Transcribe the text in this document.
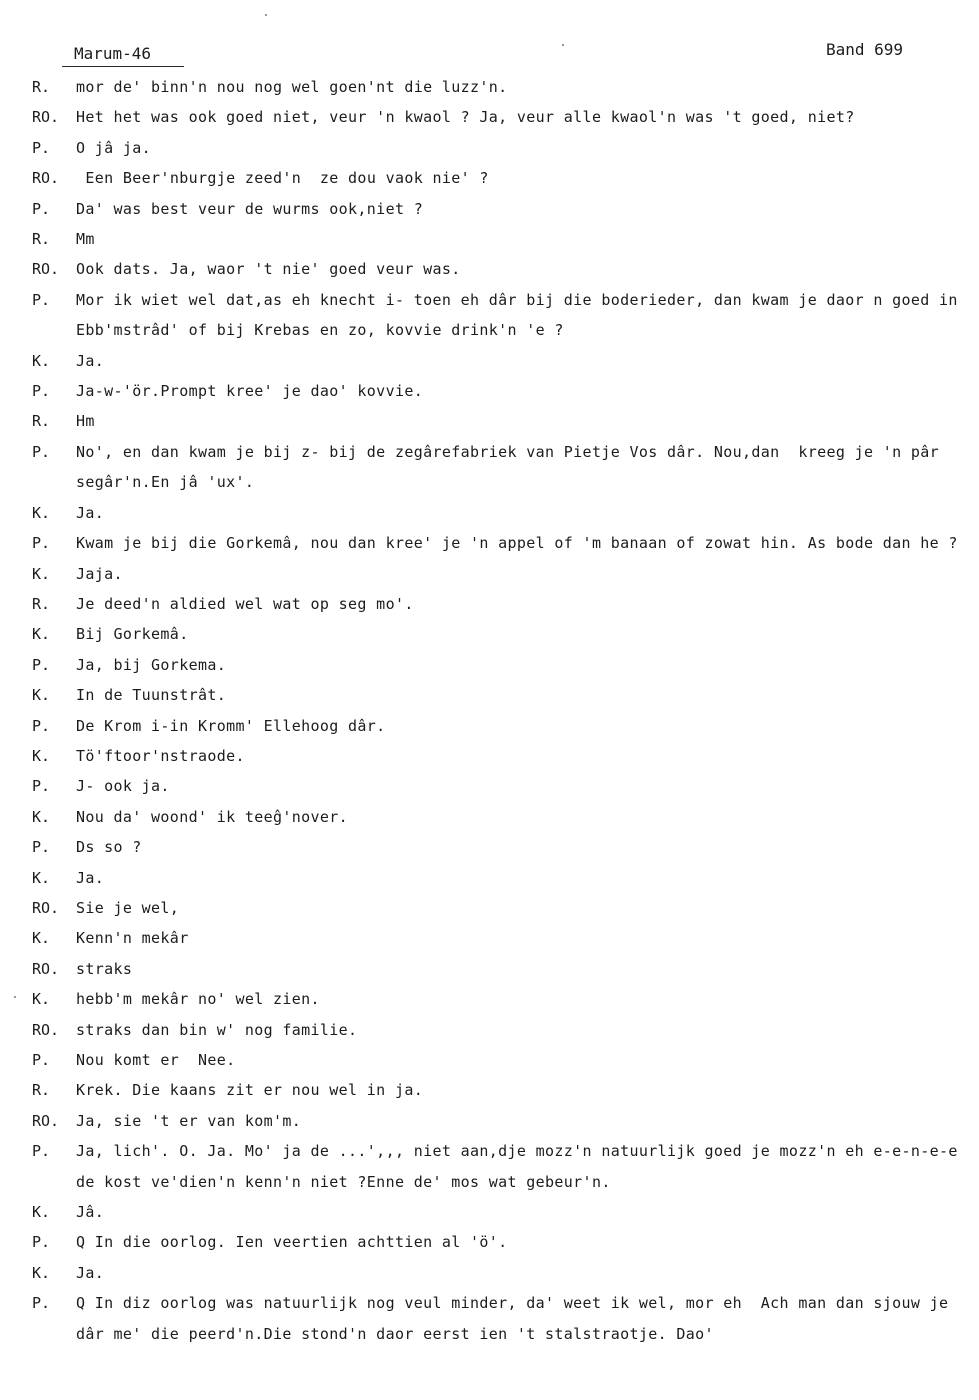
Marum-46	Band 699
R.	mor de' binn'n nou nog wel goen'nt die luzz'n.
RO.	Het het was ook goed niet, veur 'n kwaol ? Ja, veur alle kwaol'n was 't goed, niet?
P.	O jâ ja.
RO.	Een Beer'nburgje zeed'n  ze dou vaok nie' ?
P.	Da' was best veur de wurms ook,niet ?
R.	Mm
RO.	Ook dats. Ja, waor 't nie' goed veur was.
P.	Mor ik wiet wel dat,as eh knecht i- toen eh dâr bij die boderieder, dan kwam je daor n goed in Ebb'mstrâd' of bij Krebas en zo, kovvie drink'n 'e ?
K.	Ja.
P.	Ja-w-'ör.Prompt kree' je dao' kovvie.
R.	Hm
P.	No', en dan kwam je bij z- bij de zegârefabriek van Pietje Vos dâr. Nou,dan  kreeg je 'n pâr segâr'n.En jâ 'ux'.
K.	Ja.
P.	Kwam je bij die Gorkemâ, nou dan kree' je 'n appel of 'm banaan of zowat hin. As bode dan he ?
K.	Jaja.
R.	Je deed'n aldied wel wat op seg mo'.
K.	Bij Gorkemâ.
P.	Ja, bij Gorkema.
K.	In de Tuunstrât.
P.	De Krom i-in Kromm' Ellehoog dâr.
K.	Tö'ftoor'nstraode.
P.	J- ook ja.
K.	Nou da' woond' ik teeĝ'nover.
P.	Ds so ?
K.	Ja.
RO.	Sie je wel,
K.	Kenn'n mekâr
RO.	straks
K.	hebb'm mekâr no' wel zien.
RO.	straks dan bin w' nog familie.
P.	Nou komt er  Nee.
R.	Krek. Die kaans zit er nou wel in ja.
RO.	Ja, sie 't er van kom'm.
P.	Ja, lich'. O. Ja. Mo' ja de ...',,, niet aan,dje mozz'n natuurlijk goed je mozz'n eh e-e-n-e-e de kost ve'dien'n kenn'n niet ?Enne de' mos wat gebeur'n.
K.	Jâ.
P.	Q In die oorlog. Ien veertien achttien al 'ö'.
K.	Ja.
P.	Q In diz oorlog was natuurlijk nog veul minder, da' weet ik wel, mor eh  Ach man dan sjouw je dâr me' die peerd'n.Die stond'n daor eerst ien 't stalstraotje. Dao'
